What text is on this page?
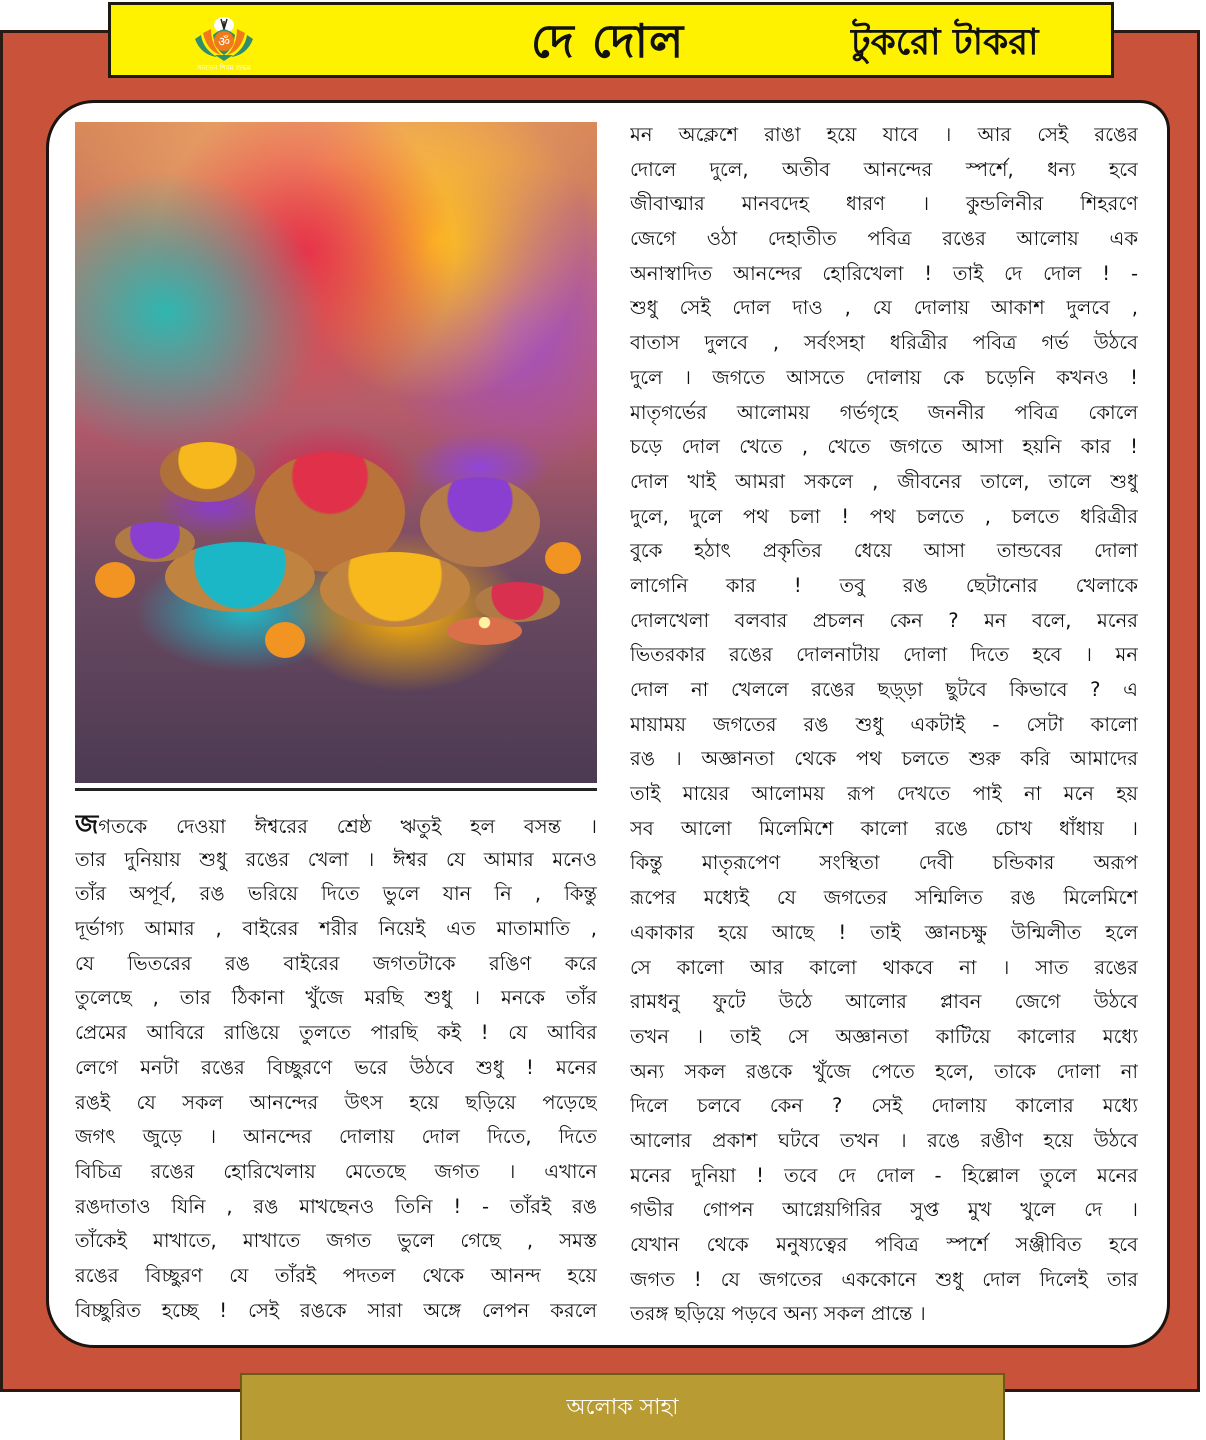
ॐ
সনাতন শিবম শুভম	দে দোল	টুকরো টাকরা
জগতকে দেওয়া ঈশ্বরের শ্রেষ্ঠ ঋতুই হল বসন্ত ।
তার দুনিয়ায় শুধু রঙের খেলা । ঈশ্বর যে আমার মনেও
তাঁর অপূর্ব, রঙ ভরিয়ে দিতে ভুলে যান নি , কিন্তু
দূর্ভাগ্য আমার , বাইরের শরীর নিয়েই এত মাতামাতি ,
যে ভিতরের রঙ বাইরের জগতটাকে রঙিণ করে
তুলেছে , তার ঠিকানা খুঁজে মরছি শুধু । মনকে তাঁর
প্রেমের আবিরে রাঙিয়ে তুলতে পারছি কই ! যে আবির
লেগে মনটা রঙের বিচ্ছুরণে ভরে উঠবে শুধু ! মনের
রঙই যে সকল আনন্দের উৎস হয়ে ছড়িয়ে পড়েছে
জগৎ জুড়ে । আনন্দের দোলায় দোল দিতে, দিতে
বিচিত্র রঙের হোরিখেলায় মেতেছে জগত । এখানে
রঙদাতাও যিনি , রঙ মাখছেনও তিনি ! - তাঁরই রঙ
তাঁকেই মাখাতে, মাখাতে জগত ভুলে গেছে , সমস্ত
রঙের বিচ্ছুরণ যে তাঁরই পদতল থেকে আনন্দ হয়ে
বিচ্ছুরিত হচ্ছে ! সেই রঙকে সারা অঙ্গে লেপন করলে
মন অক্লেশে রাঙা হয়ে যাবে । আর সেই রঙের
দোলে দুলে, অতীব আনন্দের স্পর্শে, ধন্য হবে
জীবাত্মার মানবদেহ ধারণ । কুন্ডলিনীর শিহরণে
জেগে ওঠা দেহাতীত পবিত্র রঙের আলোয় এক
অনাস্বাদিত আনন্দের হোরিখেলা ! তাই দে দোল ! -
শুধু সেই দোল দাও , যে দোলায় আকাশ দুলবে ,
বাতাস দুলবে , সর্বংসহা ধরিত্রীর পবিত্র গর্ভ উঠবে
দুলে । জগতে আসতে দোলায় কে চড়েনি কখনও !
মাতৃগর্ভের আলোময় গর্ভগৃহে জননীর পবিত্র কোলে
চড়ে দোল খেতে , খেতে জগতে আসা হয়নি কার !
দোল খাই আমরা সকলে , জীবনের তালে, তালে শুধু
দুলে, দুলে পথ চলা ! পথ চলতে , চলতে ধরিত্রীর
বুকে হঠাৎ প্রকৃতির ধেয়ে আসা তান্ডবের দোলা
লাগেনি কার ! তবু রঙ ছেটানোর খেলাকে
দোলখেলা বলবার প্রচলন কেন ? মন বলে, মনের
ভিতরকার রঙের দোলনাটায় দোলা দিতে হবে । মন
দোল না খেললে রঙের ছড়্ড়া ছুটবে কিভাবে ? এ
মায়াময় জগতের রঙ শুধু একটাই - সেটা কালো
রঙ । অজ্ঞানতা থেকে পথ চলতে শুরু করি আমাদের
তাই মায়ের আলোময় রূপ দেখতে পাই না মনে হয়
সব আলো মিলেমিশে কালো রঙে চোখ ধাঁধায় ।
কিন্তু মাতৃরূপেণ সংস্থিতা দেবী চন্ডিকার অরূপ
রূপের মধ্যেই যে জগতের সন্মিলিত রঙ মিলেমিশে
একাকার হয়ে আছে ! তাই জ্ঞানচক্ষু উন্মিলীত হলে
সে কালো আর কালো থাকবে না । সাত রঙের
রামধনু ফুটে উঠে আলোর প্লাবন জেগে উঠবে
তখন । তাই সে অজ্ঞানতা কাটিয়ে কালোর মধ্যে
অন্য সকল রঙকে খুঁজে পেতে হলে, তাকে দোলা না
দিলে চলবে কেন ? সেই দোলায় কালোর মধ্যে
আলোর প্রকাশ ঘটবে তখন । রঙে রঙীণ হয়ে উঠবে
মনের দুনিয়া ! তবে দে দোল - হিল্লোল তুলে মনের
গভীর গোপন আগ্নেয়গিরির সুপ্ত মুখ খুলে দে ।
যেখান থেকে মনুষ্যত্বের পবিত্র স্পর্শে সঞ্জীবিত হবে
জগত ! যে জগতের এককোনে শুধু দোল দিলেই তার
তরঙ্গ ছড়িয়ে পড়বে অন্য সকল প্রান্তে ।
অলোক সাহা
